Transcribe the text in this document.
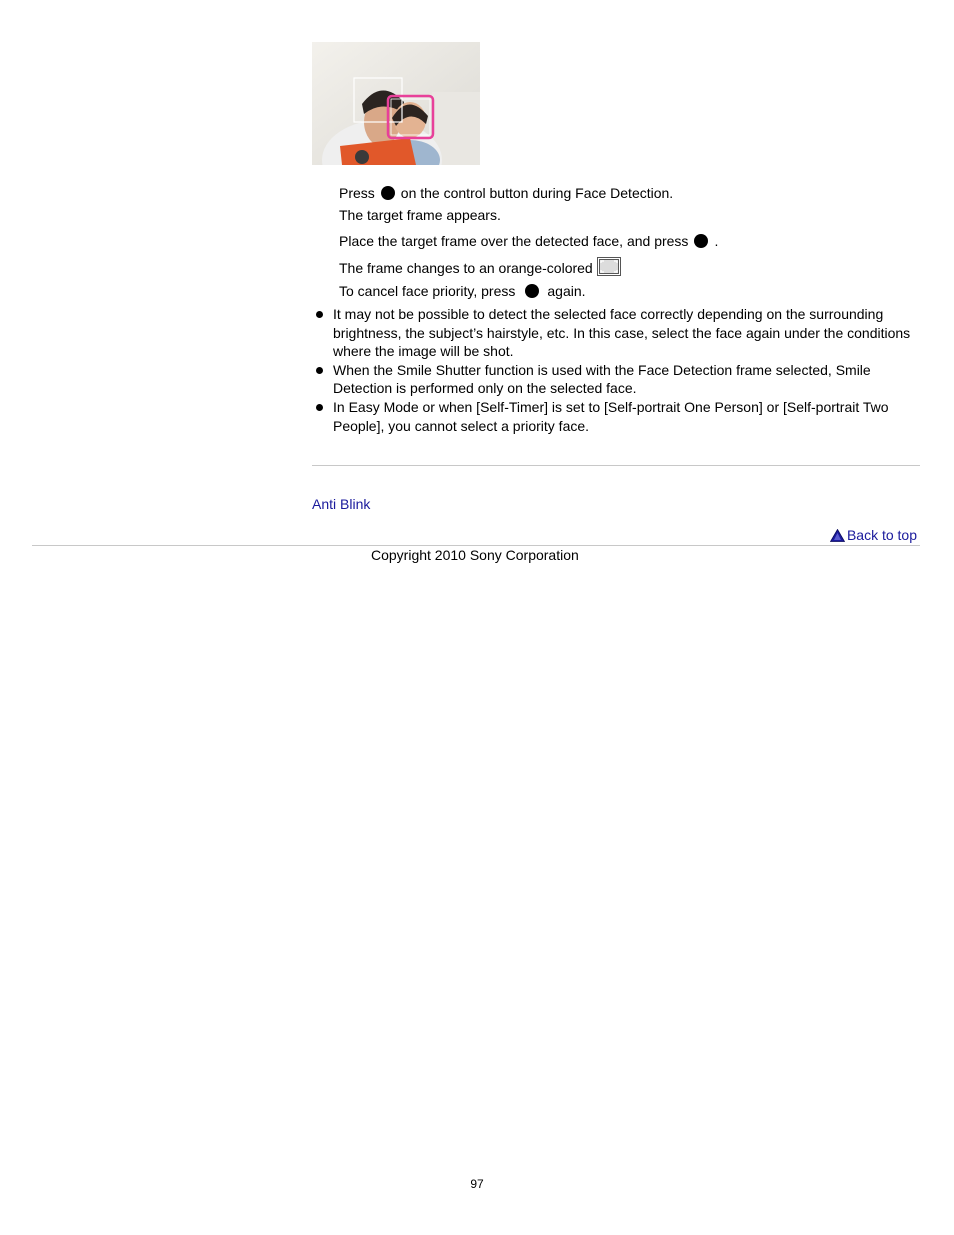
Press on the control button during Face Detection.
The target frame appears.
Place the target frame over the detected face, and press .
The frame changes to an orange-colored
To cancel face priority, press again.
It may not be possible to detect the selected face correctly depending on the surrounding brightness, the subject’s hairstyle, etc. In this case, select the face again under the conditions where the image will be shot.
When the Smile Shutter function is used with the Face Detection frame selected, Smile Detection is performed only on the selected face.
In Easy Mode or when [Self-Timer] is set to [Self-portrait One Person] or [Self-portrait Two People], you cannot select a priority face.
Anti Blink
Back to top
Copyright 2010 Sony Corporation
97
